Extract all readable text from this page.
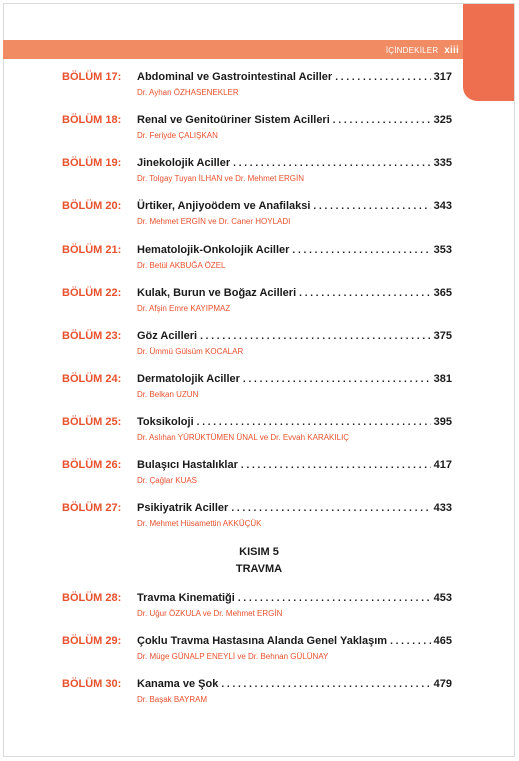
İÇİNDEKİLER xiii
BÖLÜM 17: Abdominal ve Gastrointestinal Aciller . . .	317
Dr. Ayhan ÖZHASENEKLER
BÖLÜM 18: Renal ve Genitoüriner Sistem Acilleri . . .	325
Dr. Feriyde ÇALIŞKAN
BÖLÜM 19: Jinekolojik Aciller . . .	335
Dr. Tolgay Tuyan İLHAN ve Dr. Mehmet ERGİN
BÖLÜM 20: Ürtiker, Anjiyoödem ve Anafilaksi . . .	343
Dr. Mehmet ERGİN ve Dr. Caner HOYLADI
BÖLÜM 21: Hematolojik-Onkolojik Aciller . . .	353
Dr. Betül AKBUĞA ÖZEL
BÖLÜM 22: Kulak, Burun ve Boğaz Acilleri . . .	365
Dr. Afşin Emre KAYIPMAZ
BÖLÜM 23: Göz Acilleri . . .	375
Dr. Ümmü Gülsüm KOCALAR
BÖLÜM 24: Dermatolojik Aciller . . .	381
Dr. Belkan UZUN
BÖLÜM 25: Toksikoloji . . .	395
Dr. Aslıhan YÜRÜKTÜMEN ÜNAL ve Dr. Evvah KARAKILIÇ
BÖLÜM 26: Bulaşıcı Hastalıklar . . .	417
Dr. Çağlar KUAS
BÖLÜM 27: Psikiyatrik Aciller . . .	433
Dr. Mehmet Hüsamettin AKKÜÇÜK
KISIM 5
TRAVMA
BÖLÜM 28: Travma Kinematiği . . .	453
Dr. Uğur ÖZKULA ve Dr. Mehmet ERGİN
BÖLÜM 29: Çoklu Travma Hastasına Alanda Genel Yaklaşım . . .	465
Dr. Müge GÜNALP ENEYLİ ve Dr. Behnan GÜLÜNAY
BÖLÜM 30: Kanama ve Şok . . .	479
Dr. Başak BAYRAM
